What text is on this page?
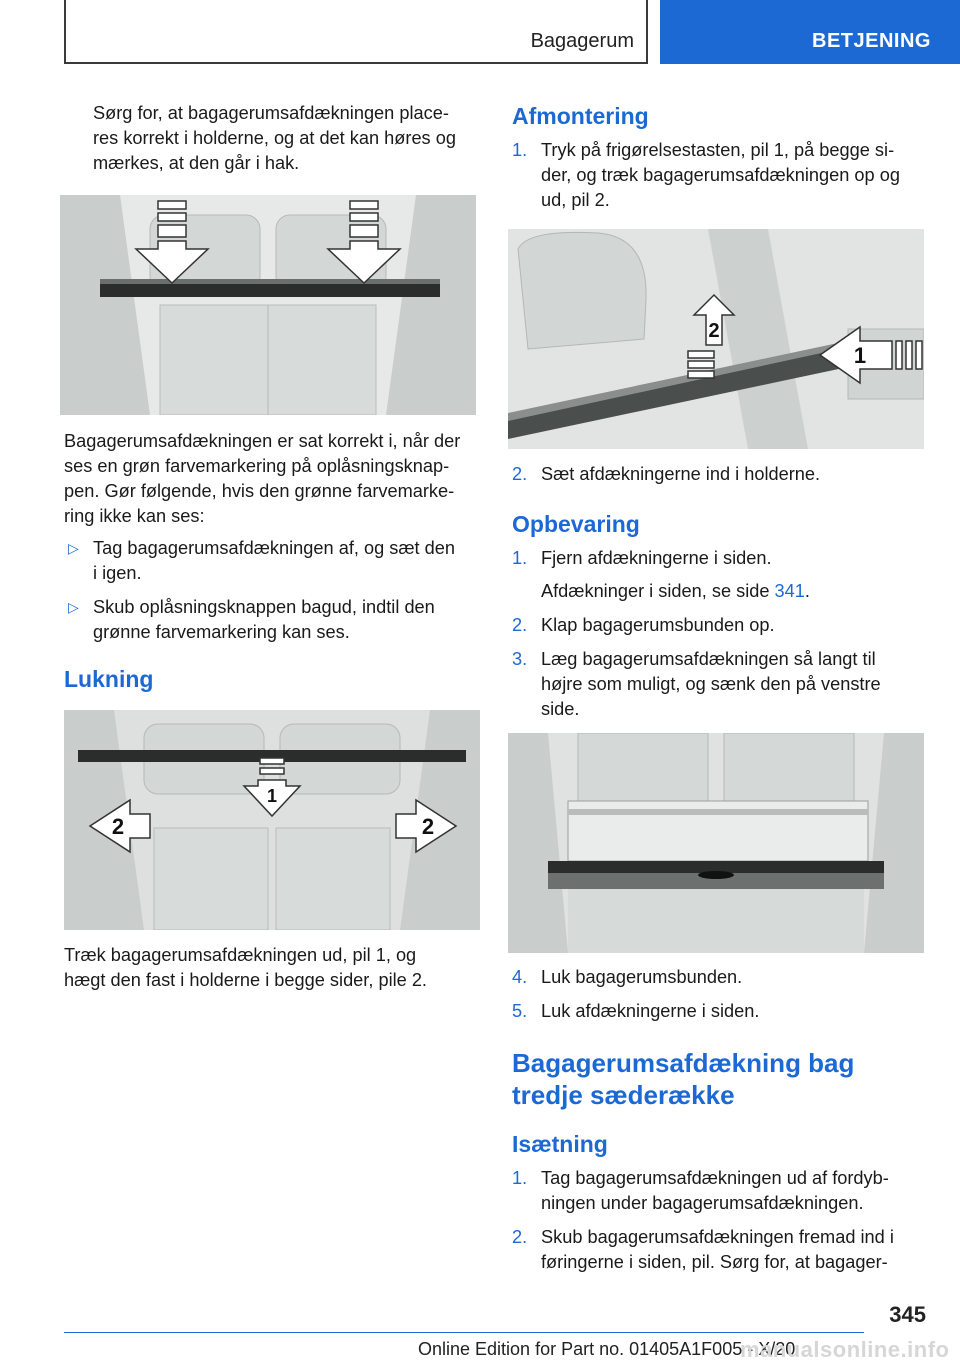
Bagagerum	BETJENING

Sørg for, at bagagerumsafdækningen place-

res korrekt i holderne, og at det kan høres og

mærkes, at den går i hak.

Bagagerumsafdækningen er sat korrekt i, når der

ses en grøn farvemarkering på oplåsningsknap-

pen. Gør følgende, hvis den grønne farvemarke-

ring ikke kan ses:

▷ Tag bagagerumsafdækningen af, og sæt den

i igen.

▷ Skub oplåsningsknappen bagud, indtil den

grønne farvemarkering kan ses.

Lukning
1
2	2

Træk bagagerumsafdækningen ud, pil 1, og

hægt den fast i holderne i begge sider, pile 2.

Afmontering
1. Tryk på frigørelsestasten, pil 1, på begge si-

der, og træk bagagerumsafdækningen op og

ud, pil 2.

2
1
2. Sæt afdækningerne ind i holderne.

Opbevaring
1. Fjern afdækningerne i siden.

Afdækninger i siden, se side 341.

2. Klap bagagerumsbunden op.

3. Læg bagagerumsafdækningen så langt til

højre som muligt, og sænk den på venstre

side.

4. Luk bagagerumsbunden.

5. Luk afdækningerne i siden.

Bagagerumsafdækning bag

tredje sæderække

Isætning
1. Tag bagagerumsafdækningen ud af fordyb-

ningen under bagagerumsafdækningen.

2. Skub bagagerumsafdækningen fremad ind i

føringerne i siden, pil. Sørg for, at bagager-

345
Online Edition for Part no. 01405A1F005 - X/20
manualsonline.info
